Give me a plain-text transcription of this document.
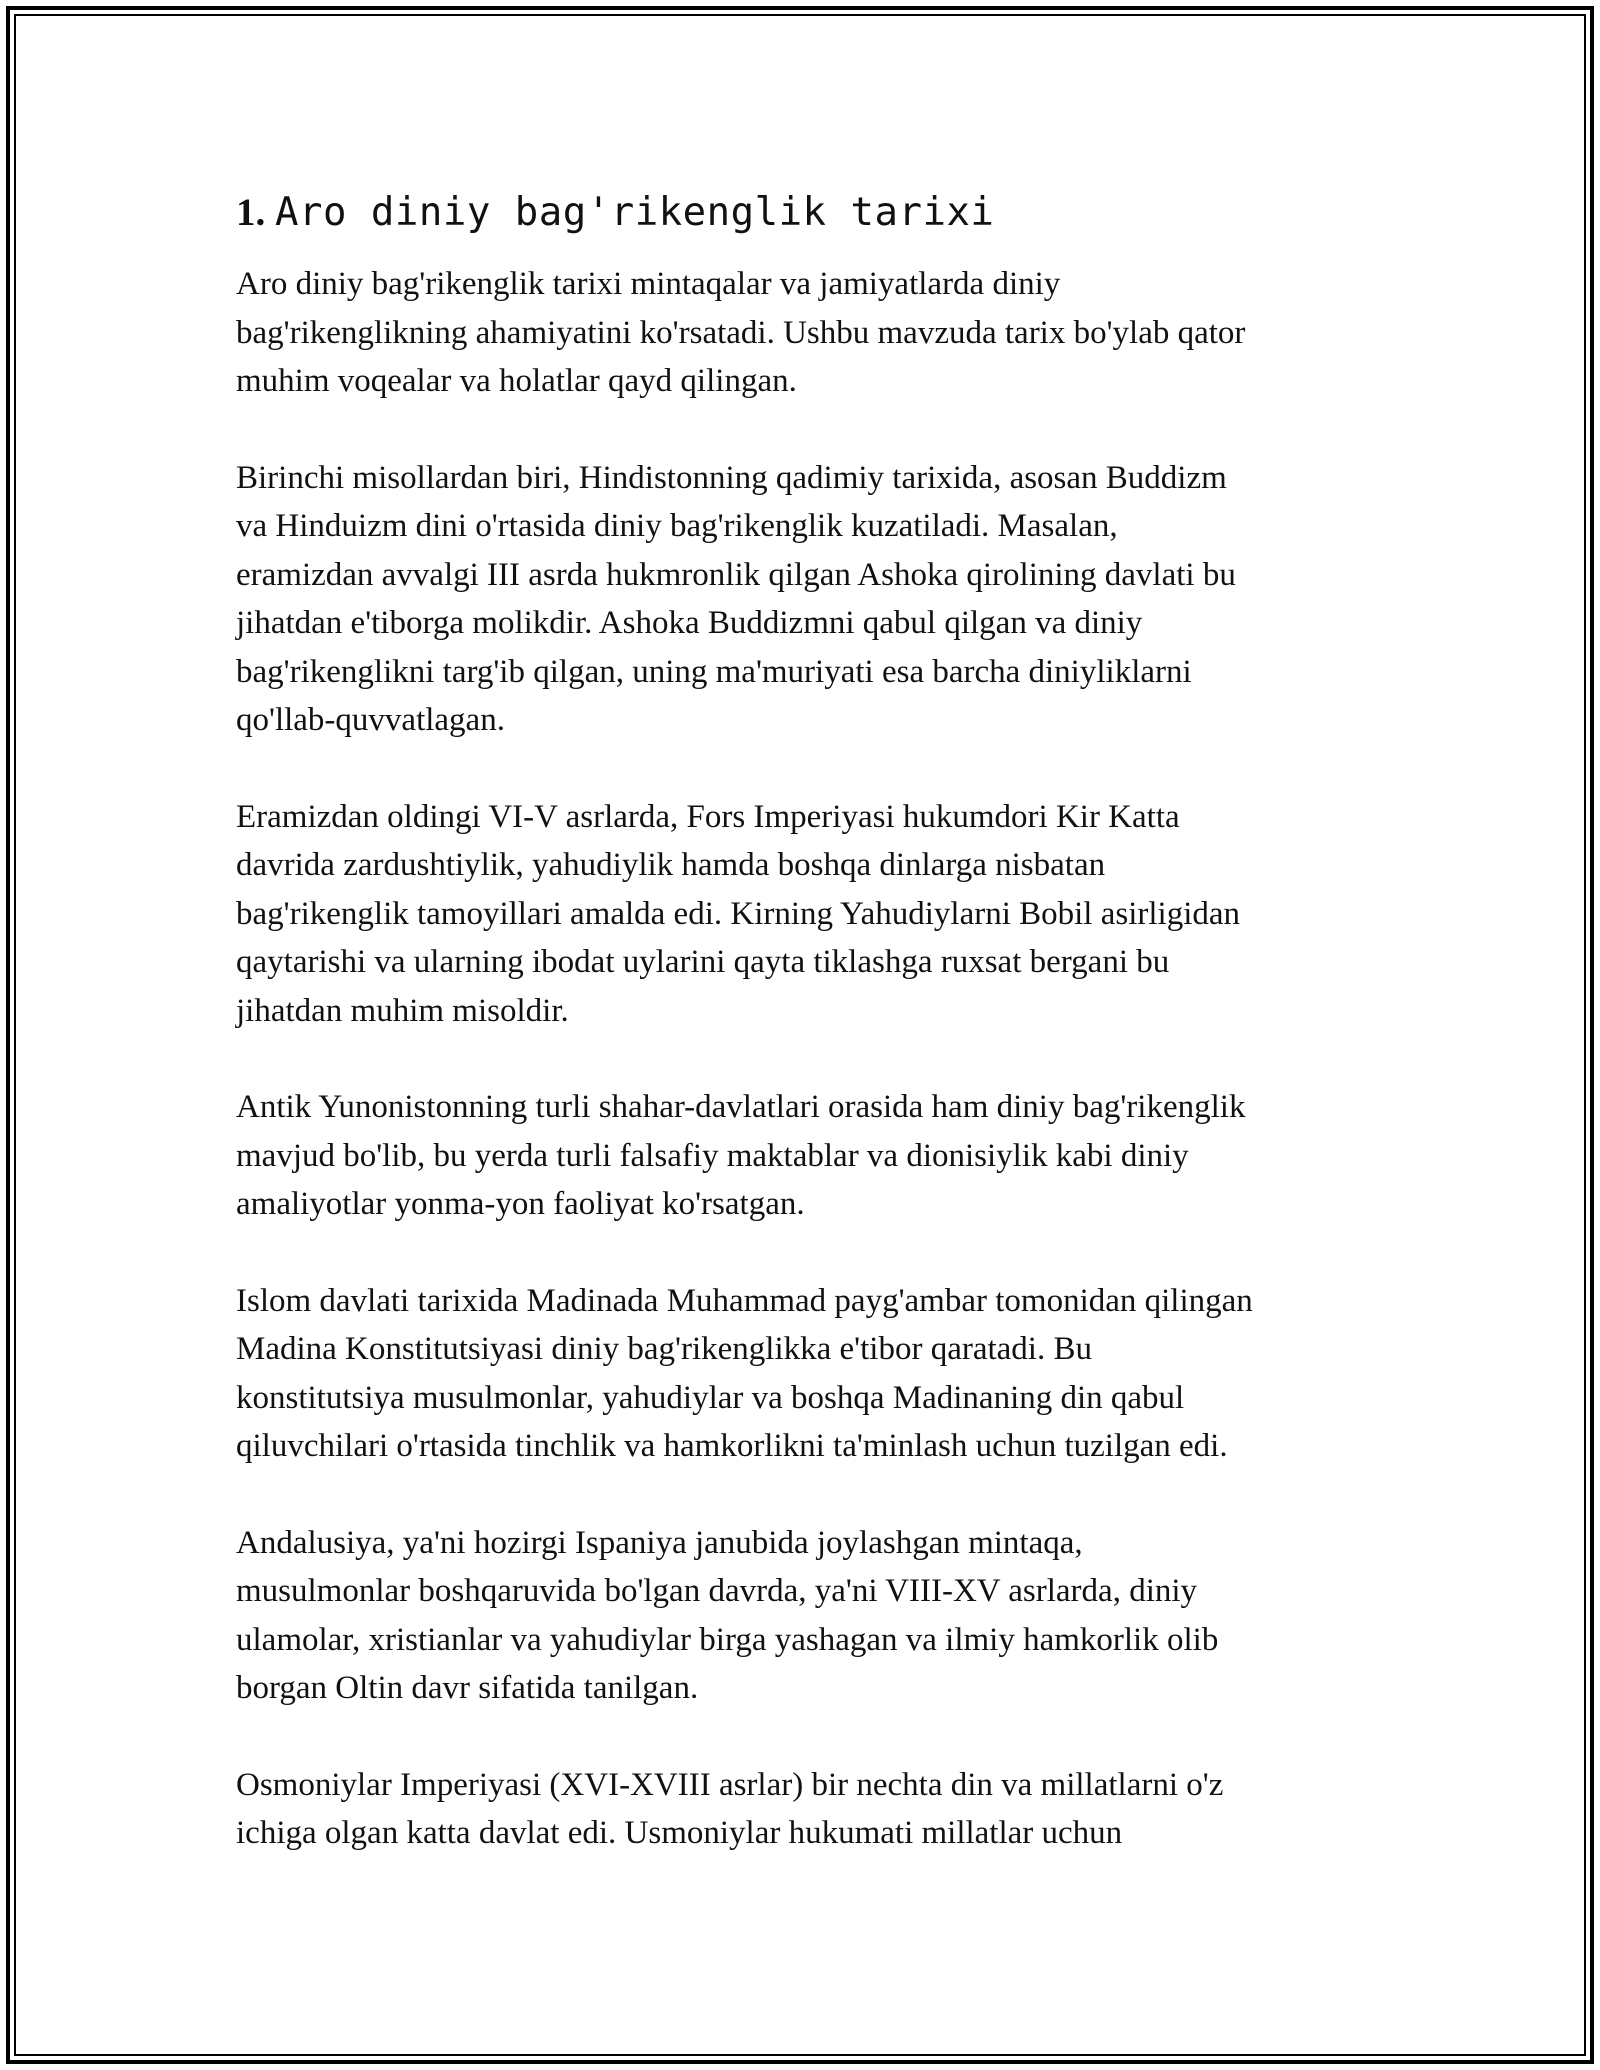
1. Aro diniy bag'rikenglik tarixi

Aro diniy bag'rikenglik tarixi mintaqalar va jamiyatlarda diniy
bag'rikenglikning ahamiyatini ko'rsatadi. Ushbu mavzuda tarix bo'ylab qator
muhim voqealar va holatlar qayd qilingan.

Birinchi misollardan biri, Hindistonning qadimiy tarixida, asosan Buddizm
va Hinduizm dini o'rtasida diniy bag'rikenglik kuzatiladi. Masalan,
eramizdan avvalgi III asrda hukmronlik qilgan Ashoka qirolining davlati bu
jihatdan e'tiborga molikdir. Ashoka Buddizmni qabul qilgan va diniy
bag'rikenglikni targ'ib qilgan, uning ma'muriyati esa barcha diniyliklarni
qo'llab-quvvatlagan.

Eramizdan oldingi VI-V asrlarda, Fors Imperiyasi hukumdori Kir Katta
davrida zardushtiylik, yahudiylik hamda boshqa dinlarga nisbatan
bag'rikenglik tamoyillari amalda edi. Kirning Yahudiylarni Bobil asirligidan
qaytarishi va ularning ibodat uylarini qayta tiklashga ruxsat bergani bu
jihatdan muhim misoldir.

Antik Yunonistonning turli shahar-davlatlari orasida ham diniy bag'rikenglik
mavjud bo'lib, bu yerda turli falsafiy maktablar va dionisiylik kabi diniy
amaliyotlar yonma-yon faoliyat ko'rsatgan.

Islom davlati tarixida Madinada Muhammad payg'ambar tomonidan qilingan
Madina Konstitutsiyasi diniy bag'rikenglikka e'tibor qaratadi. Bu
konstitutsiya musulmonlar, yahudiylar va boshqa Madinaning din qabul
qiluvchilari o'rtasida tinchlik va hamkorlikni ta'minlash uchun tuzilgan edi.

Andalusiya, ya'ni hozirgi Ispaniya janubida joylashgan mintaqa,
musulmonlar boshqaruvida bo'lgan davrda, ya'ni VIII-XV asrlarda, diniy
ulamolar, xristianlar va yahudiylar birga yashagan va ilmiy hamkorlik olib
borgan Oltin davr sifatida tanilgan.

Osmoniylar Imperiyasi (XVI-XVIII asrlar) bir nechta din va millatlarni o'z
ichiga olgan katta davlat edi. Usmoniylar hukumati millatlar uchun
